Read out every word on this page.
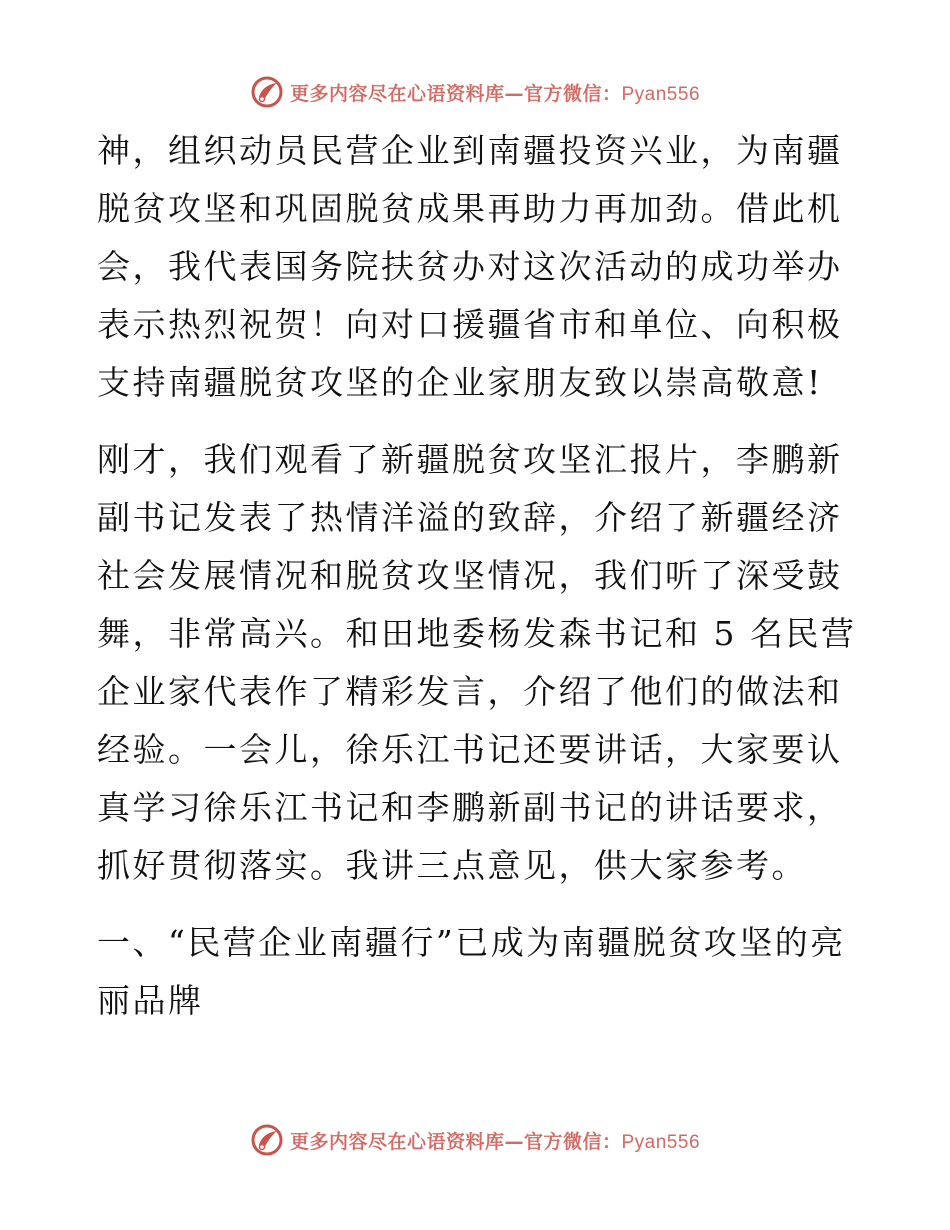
更多内容尽在心语资料库—官方微信：Pyan556

神，组织动员民营企业到南疆投资兴业，为南疆脱贫攻坚和巩固脱贫成果再助力再加劲。借此机会，我代表国务院扶贫办对这次活动的成功举办表示热烈祝贺！向对口援疆省市和单位、向积极支持南疆脱贫攻坚的企业家朋友致以崇高敬意!

刚才，我们观看了新疆脱贫攻坚汇报片，李鹏新副书记发表了热情洋溢的致辞，介绍了新疆经济社会发展情况和脱贫攻坚情况，我们听了深受鼓舞，非常高兴。和田地委杨发森书记和 5 名民营企业家代表作了精彩发言，介绍了他们的做法和经验。一会儿，徐乐江书记还要讲话，大家要认真学习徐乐江书记和李鹏新副书记的讲话要求，抓好贯彻落实。我讲三点意见，供大家参考。

一、“民营企业南疆行”已成为南疆脱贫攻坚的亮丽品牌

更多内容尽在心语资料库—官方微信：Pyan556
